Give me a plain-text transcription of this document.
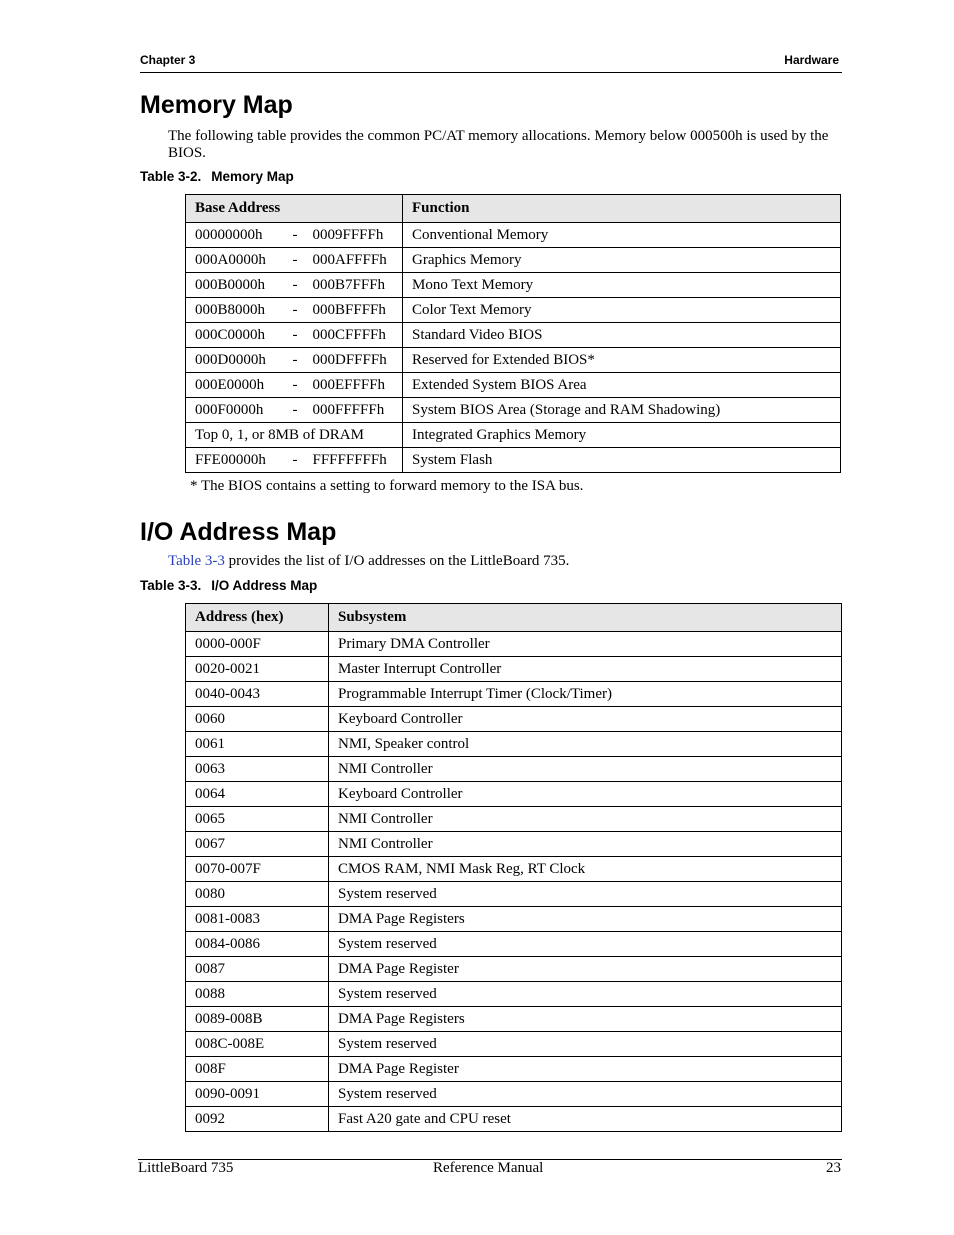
Chapter 3	Hardware
Memory Map
The following table provides the common PC/AT memory allocations. Memory below 000500h is used by the BIOS.
Table 3-2. Memory Map
Base Address			Function
00000000h	-	0009FFFFh	Conventional Memory
000A0000h	-	000AFFFFh	Graphics Memory
000B0000h	-	000B7FFFh	Mono Text Memory
000B8000h	-	000BFFFFh	Color Text Memory
000C0000h	-	000CFFFFh	Standard Video BIOS
000D0000h	-	000DFFFFh	Reserved for Extended BIOS*
000E0000h	-	000EFFFFh	Extended System BIOS Area
000F0000h	-	000FFFFFh	System BIOS Area (Storage and RAM Shadowing)
Top 0, 1, or 8MB of DRAM			Integrated Graphics Memory
FFE00000h	-	FFFFFFFFh	System Flash
* The BIOS contains a setting to forward memory to the ISA bus.
I/O Address Map
Table 3-3 provides the list of I/O addresses on the LittleBoard 735.
Table 3-3. I/O Address Map
Address (hex)	Subsystem
0000-000F	Primary DMA Controller
0020-0021	Master Interrupt Controller
0040-0043	Programmable Interrupt Timer (Clock/Timer)
0060	Keyboard Controller
0061	NMI, Speaker control
0063	NMI Controller
0064	Keyboard Controller
0065	NMI Controller
0067	NMI Controller
0070-007F	CMOS RAM, NMI Mask Reg, RT Clock
0080	System reserved
0081-0083	DMA Page Registers
0084-0086	System reserved
0087	DMA Page Register
0088	System reserved
0089-008B	DMA Page Registers
008C-008E	System reserved
008F	DMA Page Register
0090-0091	System reserved
0092	Fast A20 gate and CPU reset
LittleBoard 735	Reference Manual	23
